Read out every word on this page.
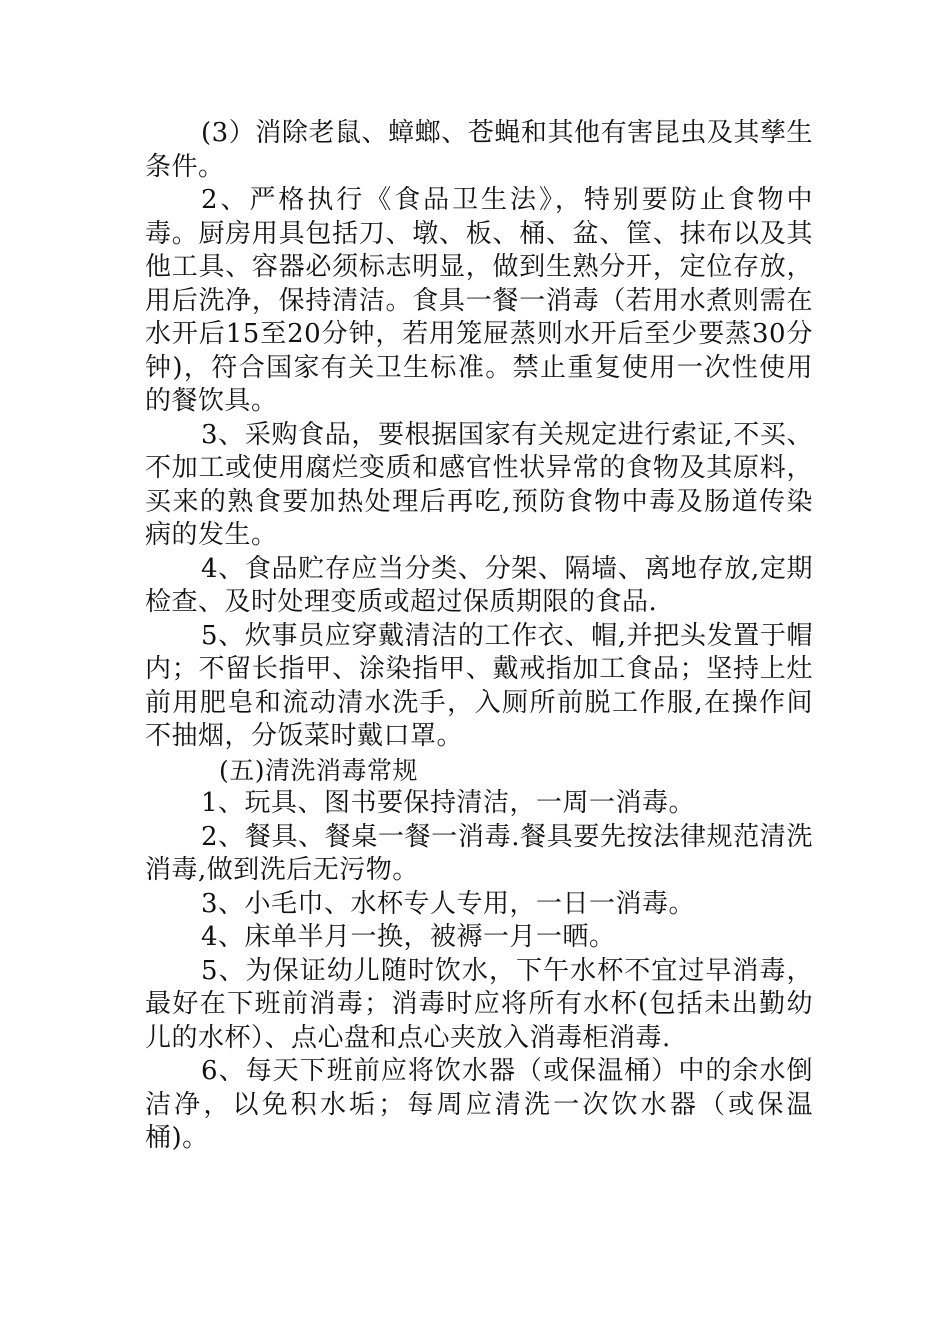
(3）消除老鼠、蟑螂、苍蝇和其他有害昆虫及其孳生条件。

2、严格执行《食品卫生法》，特别要防止食物中毒。厨房用具包括刀、墩、板、桶、盆、筐、抹布以及其他工具、容器必须标志明显，做到生熟分开，定位存放，用后洗净，保持清洁。食具一餐一消毒（若用水煮则需在水开后15至20分钟，若用笼屉蒸则水开后至少要蒸30分钟)，符合国家有关卫生标准。禁止重复使用一次性使用的餐饮具。

3、采购食品，要根据国家有关规定进行索证,不买、不加工或使用腐烂变质和感官性状异常的食物及其原料，买来的熟食要加热处理后再吃,预防食物中毒及肠道传染病的发生。

4、食品贮存应当分类、分架、隔墙、离地存放,定期检查、及时处理变质或超过保质期限的食品.

5、炊事员应穿戴清洁的工作衣、帽,并把头发置于帽内；不留长指甲、涂染指甲、戴戒指加工食品；坚持上灶前用肥皂和流动清水洗手，入厕所前脱工作服,在操作间不抽烟，分饭菜时戴口罩。

(五)清洗消毒常规

1、玩具、图书要保持清洁，一周一消毒。

2、餐具、餐桌一餐一消毒.餐具要先按法律规范清洗消毒,做到洗后无污物。

3、小毛巾、水杯专人专用，一日一消毒。

4、床单半月一换，被褥一月一晒。

5、为保证幼儿随时饮水，下午水杯不宜过早消毒，最好在下班前消毒；消毒时应将所有水杯(包括未出勤幼儿的水杯）、点心盘和点心夹放入消毒柜消毒.

6、每天下班前应将饮水器（或保温桶）中的余水倒洁净，以免积水垢；每周应清洗一次饮水器（或保温桶)。
